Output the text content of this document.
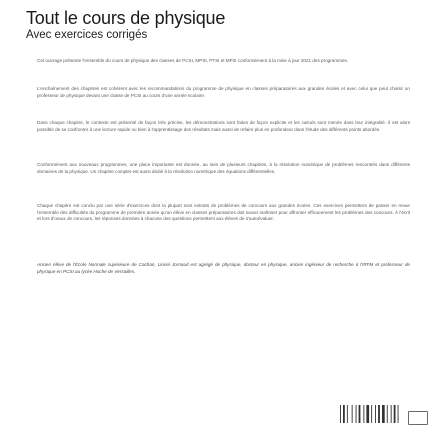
Tout le cours de physique
Avec exercices corrigés

Cet ouvrage présente l'ensemble du cours de physique des classes de PCSI, MPSI, PTSI et MP2I conformément à la mise à jour 2021 des programmes.

L'enchaînement des chapitres est cohérent avec les recommandations du programme de physique en classes préparatoires aux grandes écoles et avec celui que peut choisir un professeur de physique devant une classe de PCSI au cours d'une année scolaire.

Dans chaque chapitre, le contexte est présenté de façon très précise, les démonstrations sont faites de façon explicite et les calculs sont menés dans leur intégralité. Il est alors possible de se confronter à une lecture rapide ou bien à l'apprentissage des résultats mais aussi de refaire plus en profondeur dans l'étude des différents points abordés.

Conformément aux nouveaux programmes, une place importante est donnée, au sein de plusieurs chapitres, à la résolution numérique de problèmes rencontrés dans différents domaines de la physique. Un chapitre complet est aussi dédié à la résolution numérique des équations différentielles.

Chaque chapitre est conclu par une série d'exercices dont la plupart sont extraits de problèmes de concours aux grandes écoles. Ces exercices permettent de passer en revue l'ensemble des difficultés du programme de première année qu'un élève en classes préparatoires doit savoir maîtriser pour affronter efficacement les problèmes des concours. À l'écrit et lors d'oraux de concours, les réponses données à chacune des questions permettent aux élèves de s'autoévaluer.

Ancien élève de l'École Normale supérieure de Cachan, Lionel Jornaud est agrégé de physique, docteur en physique, ancien ingénieur de recherche à l'IRFM et professeur de physique en PCSI au lycée Hoche de Versailles.
